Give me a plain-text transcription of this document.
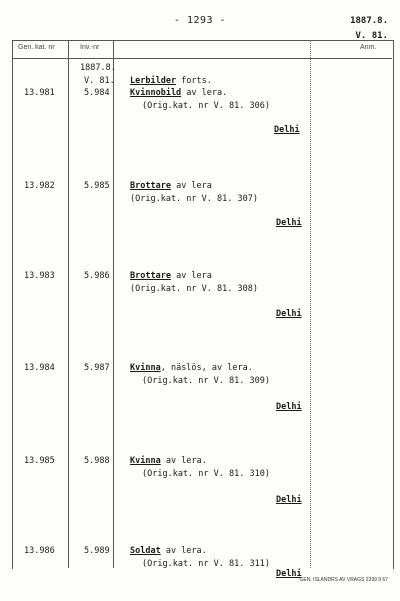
- 1293 -	1887.8.
V. 81.
Gen. kat. nr	Inv.-nr	Anm.
1887.8.
V. 81. Lerbilder forts.
13.981	5.984 Kvinnobild av lera.
(Orig.kat. nr V. 81. 306)
Delhi
13.982	5.985 Brottare av lera
(Orig.kat. nr V. 81. 307)
Delhi
13.983	5.986 Brottare av lera
(Orig.kat. nr V. 81. 308)
Delhi
13.984	5.987 Kvinna, näslös, av lera.
(Orig.kat. nr V. 81. 309)
Delhi
13.985	5.988 Kvinna av lera.
(Orig.kat. nr V. 81. 310)
Delhi
13.986	5.989 Soldat av lera.
(Orig.kat. nr V. 81. 311)
Delhi
GEN. ISLANDRS AV VRAGS 2399 9 67
